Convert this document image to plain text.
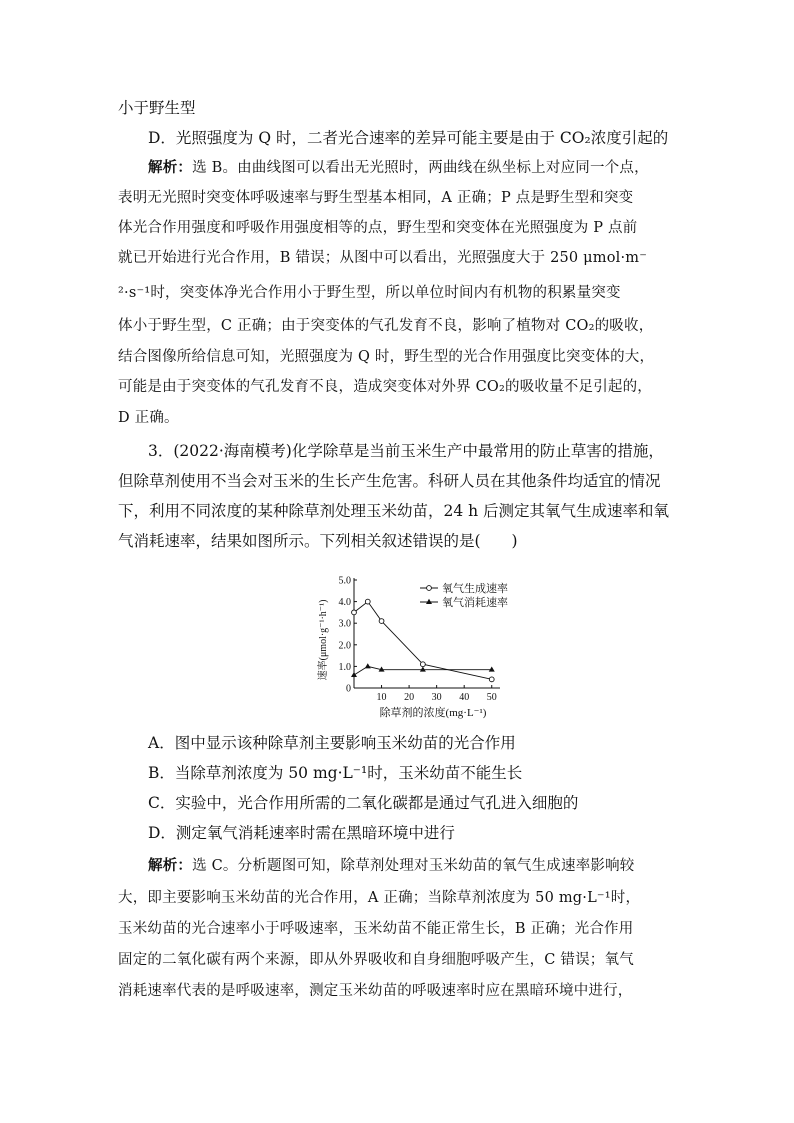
小于野生型
D．光照强度为 Q 时，二者光合速率的差异可能主要是由于 CO₂浓度引起的
解析：选 B。由曲线图可以看出无光照时，两曲线在纵坐标上对应同一个点，
表明无光照时突变体呼吸速率与野生型基本相同，A 正确；P 点是野生型和突变
体光合作用强度和呼吸作用强度相等的点，野生型和突变体在光照强度为 P 点前
就已开始进行光合作用，B 错误；从图中可以看出，光照强度大于 250 μmol·m⁻
²·s⁻¹时，突变体净光合作用小于野生型，所以单位时间内有机物的积累量突变
体小于野生型，C 正确；由于突变体的气孔发育不良，影响了植物对 CO₂的吸收，
结合图像所给信息可知，光照强度为 Q 时，野生型的光合作用强度比突变体的大，
可能是由于突变体的气孔发育不良，造成突变体对外界 CO₂的吸收量不足引起的，
D 正确。
3．(2022·海南模考)化学除草是当前玉米生产中最常用的防止草害的措施，
但除草剂使用不当会对玉米的生长产生危害。科研人员在其他条件均适宜的情况
下，利用不同浓度的某种除草剂处理玉米幼苗，24 h 后测定其氧气生成速率和氧
气消耗速率，结果如图所示。下列相关叙述错误的是(　　)
0
1.0
2.0
3.0
4.0
5.0
10 20 30 40 50
除草剂的浓度(mg·L⁻¹)
速率(μmol·g⁻¹·h⁻¹)
氧气生成速率
氧气消耗速率
A．图中显示该种除草剂主要影响玉米幼苗的光合作用
B．当除草剂浓度为 50 mg·L⁻¹时，玉米幼苗不能生长
C．实验中，光合作用所需的二氧化碳都是通过气孔进入细胞的
D．测定氧气消耗速率时需在黑暗环境中进行
解析：选 C。分析题图可知，除草剂处理对玉米幼苗的氧气生成速率影响较
大，即主要影响玉米幼苗的光合作用，A 正确；当除草剂浓度为 50 mg·L⁻¹时，
玉米幼苗的光合速率小于呼吸速率，玉米幼苗不能正常生长，B 正确；光合作用
固定的二氧化碳有两个来源，即从外界吸收和自身细胞呼吸产生，C 错误；氧气
消耗速率代表的是呼吸速率，测定玉米幼苗的呼吸速率时应在黑暗环境中进行，
